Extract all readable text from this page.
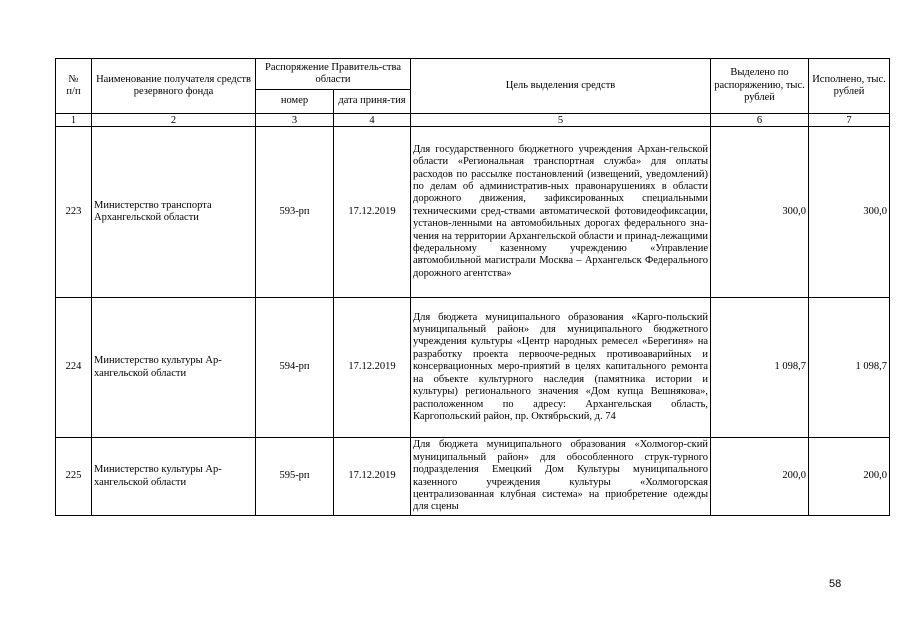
№
п/п	Наименование получателя средств резервного фонда	Распоряжение Правитель-ства области		Цель выделения средств	Выделено по распоряжению, тыс. рублей	Исполнено, тыс. рублей
		номер	дата приня-тия			
1	2	3	4	5	6	7
223	Министерство транспорта Архангельской области	593-рп	17.12.2019	Для государственного бюджетного учреждения Архан-гельской области «Региональная транспортная служба» для оплаты расходов по рассылке постановлений (извещений, уведомлений) по делам об административ-ных правонарушениях в области дорожного движения, зафиксированных специальными техническими сред-ствами автоматической фотовидеофиксации, установ-ленными на автомобильных дорогах федерального зна-чения на территории Архангельской области и принад-лежащими федеральному казенному учреждению «Управление автомобильной магистрали Москва – Архангельск Федерального дорожного агентства»	300,0	300,0
224	Министерство культуры Ар-хангельской области	594-рп	17.12.2019	Для бюджета муниципального образования «Карго-польский муниципальный район» для муниципального бюджетного учреждения культуры «Центр народных ремесел «Берегиня» на разработку проекта первооче-редных противоаварийных и консервационных меро-приятий в целях капитального ремонта на объекте культурного наследия (памятника истории и культуры) регионального значения «Дом купца Вешнякова», расположенном по адресу: Архангельская область, Каргопольский район, пр. Октябрьский, д. 74	1 098,7	1 098,7
225	Министерство культуры Ар-хангельской области	595-рп	17.12.2019	Для бюджета муниципального образования «Холмогор-ский муниципальный район» для обособленного струк-турного подразделения Емецкий Дом Культуры муниципального казенного учреждения культуры «Холмогорская централизованная клубная система» на приобретение одежды для сцены	200,0	200,0
58
